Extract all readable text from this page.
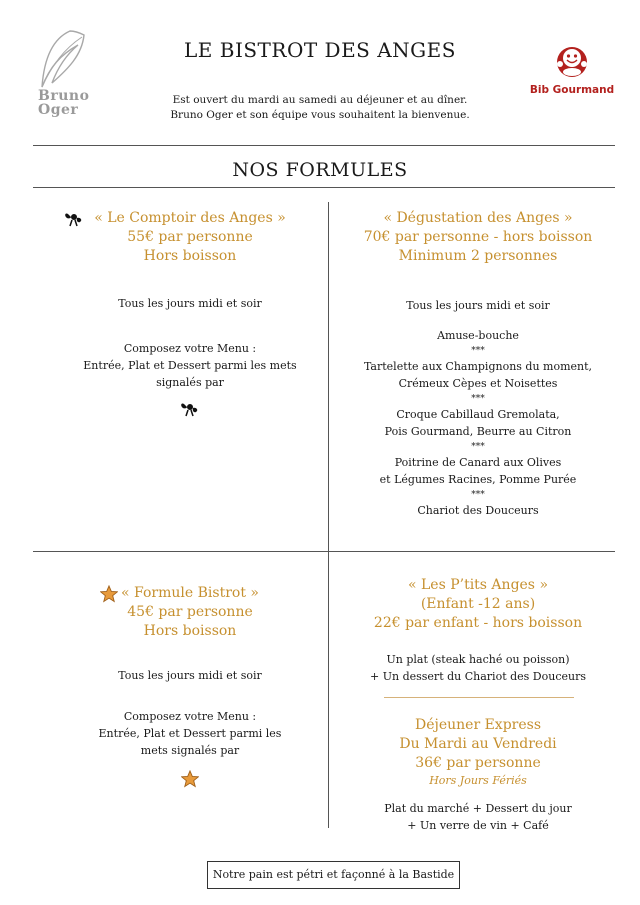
Bruno
Oger
LE BISTROT DES ANGES
Est ouvert du mardi au samedi au déjeuner et au dîner.
Bruno Oger et son équipe vous souhaitent la bienvenue.
Bib Gourmand
NOS FORMULES
« Le Comptoir des Anges »
55€ par personne
Hors boisson
Tous les jours midi et soir
Composez votre Menu :
Entrée, Plat et Dessert parmi les mets
signalés par
« Dégustation des Anges »
70€ par personne - hors boisson
Minimum 2 personnes
Tous les jours midi et soir
Amuse-bouche
***
Tartelette aux Champignons du moment,
Crémeux Cèpes et Noisettes
***
Croque Cabillaud Gremolata,
Pois Gourmand, Beurre au Citron
***
Poitrine de Canard aux Olives
et Légumes Racines, Pomme Purée
***
Chariot des Douceurs
« Formule Bistrot »
45€ par personne
Hors boisson
Tous les jours midi et soir
Composez votre Menu :
Entrée, Plat et Dessert parmi les
mets signalés par
« Les P’tits Anges »
(Enfant -12 ans)
22€ par enfant - hors boisson
Un plat (steak haché ou poisson)
+ Un dessert du Chariot des Douceurs
Déjeuner Express
Du Mardi au Vendredi
36€ par personne
Hors Jours Fériés
Plat du marché + Dessert du jour
+ Un verre de vin + Café
Notre pain est pétri et façonné à la Bastide
